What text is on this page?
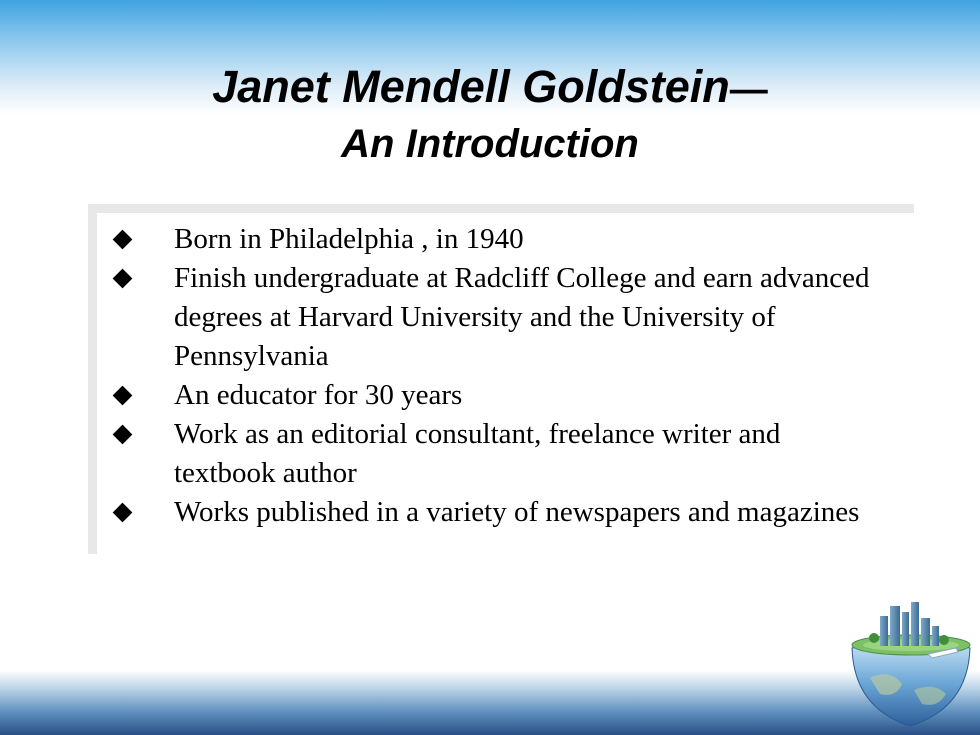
Janet Mendell Goldstein—
An Introduction
Born in Philadelphia , in 1940
Finish undergraduate at Radcliff College and earn advanced degrees at Harvard University and the University of Pennsylvania
An educator for 30 years
Work as an editorial consultant, freelance writer and textbook author
Works published in a variety of newspapers and magazines
